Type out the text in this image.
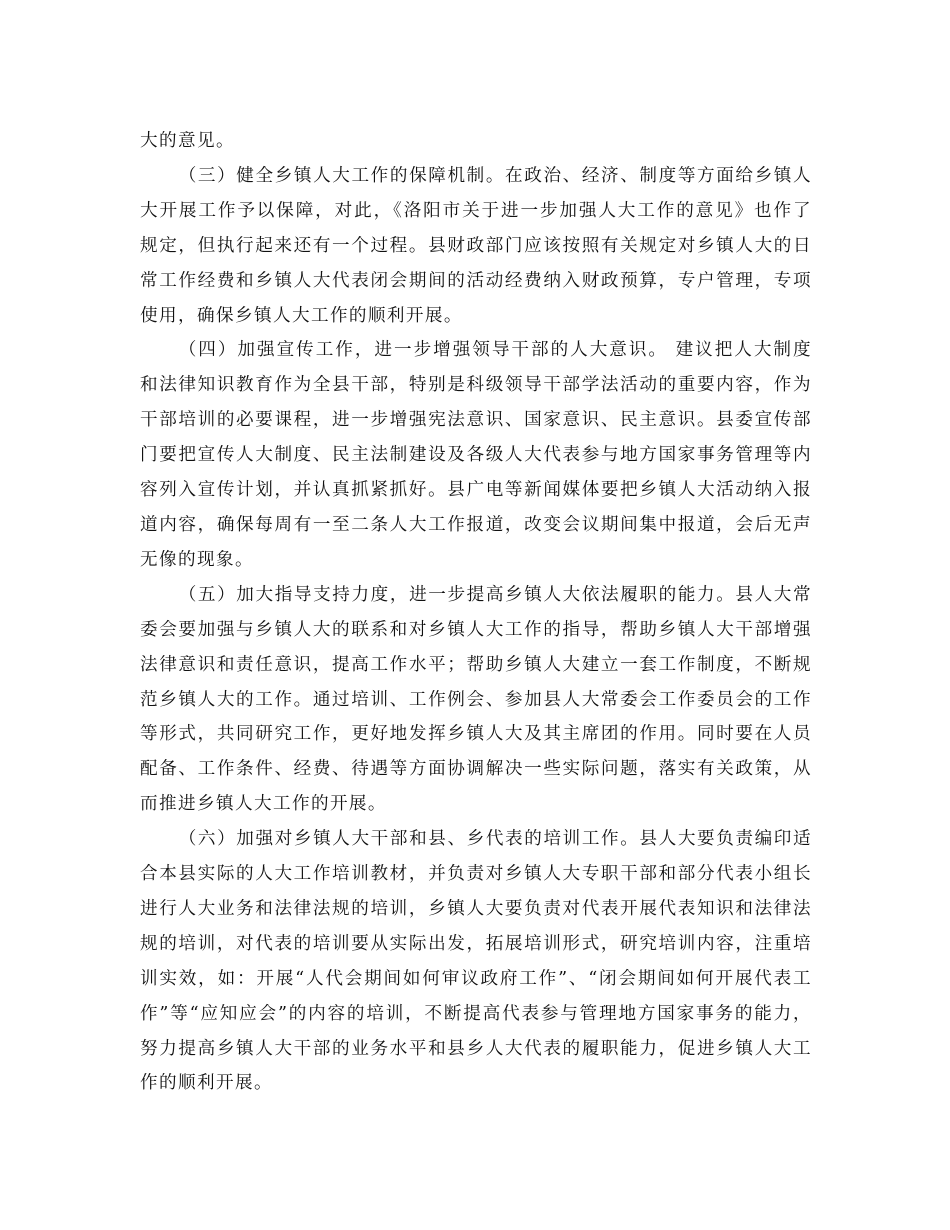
大的意见。

（三）健全乡镇人大工作的保障机制。在政治、经济、制度等方面给乡镇人大开展工作予以保障，对此，《洛阳市关于进一步加强人大工作的意见》也作了规定，但执行起来还有一个过程。县财政部门应该按照有关规定对乡镇人大的日常工作经费和乡镇人大代表闭会期间的活动经费纳入财政预算，专户管理，专项使用，确保乡镇人大工作的顺利开展。

（四）加强宣传工作，进一步增强领导干部的人大意识。 建议把人大制度和法律知识教育作为全县干部，特别是科级领导干部学法活动的重要内容，作为干部培训的必要课程，进一步增强宪法意识、国家意识、民主意识。县委宣传部门要把宣传人大制度、民主法制建设及各级人大代表参与地方国家事务管理等内容列入宣传计划，并认真抓紧抓好。县广电等新闻媒体要把乡镇人大活动纳入报道内容，确保每周有一至二条人大工作报道，改变会议期间集中报道，会后无声无像的现象。

（五）加大指导支持力度，进一步提高乡镇人大依法履职的能力。县人大常委会要加强与乡镇人大的联系和对乡镇人大工作的指导，帮助乡镇人大干部增强法律意识和责任意识，提高工作水平；帮助乡镇人大建立一套工作制度，不断规范乡镇人大的工作。通过培训、工作例会、参加县人大常委会工作委员会的工作等形式，共同研究工作，更好地发挥乡镇人大及其主席团的作用。同时要在人员配备、工作条件、经费、待遇等方面协调解决一些实际问题，落实有关政策，从而推进乡镇人大工作的开展。

（六）加强对乡镇人大干部和县、乡代表的培训工作。县人大要负责编印适合本县实际的人大工作培训教材，并负责对乡镇人大专职干部和部分代表小组长进行人大业务和法律法规的培训，乡镇人大要负责对代表开展代表知识和法律法规的培训，对代表的培训要从实际出发，拓展培训形式，研究培训内容，注重培训实效，如：开展“人代会期间如何审议政府工作”、“闭会期间如何开展代表工作”等“应知应会”的内容的培训，不断提高代表参与管理地方国家事务的能力，努力提高乡镇人大干部的业务水平和县乡人大代表的履职能力，促进乡镇人大工作的顺利开展。
